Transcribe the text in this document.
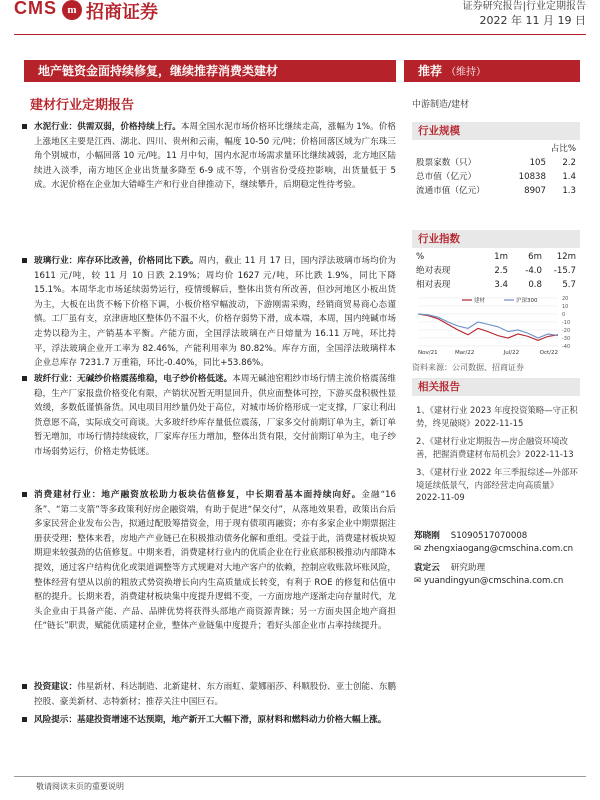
CMS m 招商证券	证券研究报告|行业定期报告
2022 年 11 月 19 日
地产链资金面持续修复，继续推荐消费类建材	推荐 （维持）
建材行业定期报告	中游制造/建材
水泥行业：供需双弱，价格持续上行。本周全国水泥市场价格环比继续走高，涨幅为 1%。价格上涨地区主要是江西、湖北、四川、贵州和云南，幅度 10-50 元/吨；价格回落区域为广东珠三角个别城市，小幅回落 10 元/吨。11 月中旬，国内水泥市场需求量环比继续减弱，北方地区陆续进入淡季，南方地区企业出货量多降至 6-9 成不等，个别省份受疫控影响，出货量低于 5 成。水泥价格在企业加大错峰生产和行业自律推动下，继续攀升，后期稳定性待考验。
玻璃行业：库存环比改善，价格同比下跌。周内，截止 11 月 17 日，国内浮法玻璃市场均价为 1611 元/吨，较 11 月 10 日跌 2.19%；周均价 1627 元/吨，环比跌 1.9%，同比下降 15.1%。本周华北市场延续弱势运行，疫情缓解后，整体出货有所改善，但沙河地区小板出货为主，大板在出货不畅下价格下调，小板价格窄幅波动，下游刚需采购，经销商贸易商心态谨慎。工厂虽有支，京津唐地区整体仍不温不火，价格存弱势下滑，成本端，本周，国内纯碱市场走势以稳为主，产销基本平衡。产能方面，全国浮法玻璃在产日熔量为 16.11 万吨，环比持平，浮法玻璃企业开工率为 82.46%，产能利用率为 80.82%。库存方面，全国浮法玻璃样本企业总库存 7231.7 万重箱，环比-0.40%，同比+53.86%。
玻纤行业：无碱纱价格震荡维稳，电子纱价格低迷。本周无碱池窑粗纱市场行情主流价格震荡维稳，生产厂家报盘价格变化有限，产销状况暂无明显回升，供应面整体可控，下游买盘积极性显效缓，多数低谨慎备货。风电项目用纱量仍处于高位，对城市场价格形成一定支撑，厂家让利出货意愿不高，实际成交可商谈。大多玻纤纱库存量低位震荡，厂家多交付前期订单为主，新订单暂无增加，市场行情持续疲软，厂家库存压力增加，整体出货有限，交付前期订单为主，电子纱市场弱势运行，价格走势低迷。
消费建材行业：地产融资放松助力板块估值修复，中长期看基本面持续向好。金融“16 条”、“第二支箭”等多政策利好房企融资端，有助于促进“保交付”，从落地效果看，政策出台后多家民营企业发布公告，拟通过配股筹措资金，用于现有债项再融资；亦有多家企业中期票据注册获受理；整体来看，房地产产业链已在积极推动债务化解和重组。受益于此，消费建材板块短期迎来较强劲的估值修复。中期来看，消费建材行业内的优质企业在行业底部积极推动内部降本提效，通过客户结构优化或渠道调整等方式规避对大地产客户的依赖，控制应收账款坏账风险，整体经营有望从以前的粗放式势资换增长向内生高质量成长转变，有利于 ROE 的修复和估值中枢的提升。长期来看，消费建材板块集中度提升逻辑不变，一方面房地产逐渐走向存量时代，龙头企业由于具备产能、产品、品牌优势将获得头部地产商资源青睐；另一方面央国企地产商担任“链长”职责，赋能优质建材企业，整体产业链集中度提升；看好头部企业市占率持续提升。
投资建议：伟星新材、科达制造、北新建材、东方雨虹、蒙娜丽莎、科顺股份、亚士创能、东鹏控股、豪美新材、志特新材；推荐关注中国巨石。
风险提示：基建投资增速不达预期，地产新开工大幅下滑，原材料和燃料动力价格大幅上涨。
行业规模
占比%
股票家数（只）	105	2.2
总市值（亿元）	10838	1.4
流通市值（亿元）	8907	1.3
行业指数
%	1m	6m	12m
绝对表现	2.5	-4.0	-15.7
相对表现	3.4	0.8	5.7
建材	沪深300
Nov/21	Mar/22	Jul/22	Oct/22
20
10
0
-10
-20
-30
-40
资料来源：公司数据、招商证券
相关报告
1、《建材行业 2023 年度投资策略—守正积势，终见破晓》2022-11-15
2、《建材行业定期报告—房企融资环境改善，把握消费建材布局机会》2022-11-13
3、《建材行业 2022 年三季报综述—外部环境延续低景气，内部经营走向高质量》2022-11-09
郑晓刚 S1090517070008
✉ zhengxiaogang@cmschina.com.cn
袁定云 研究助理
✉ yuandingyun@cmschina.com.cn
敬请阅读末页的重要说明
